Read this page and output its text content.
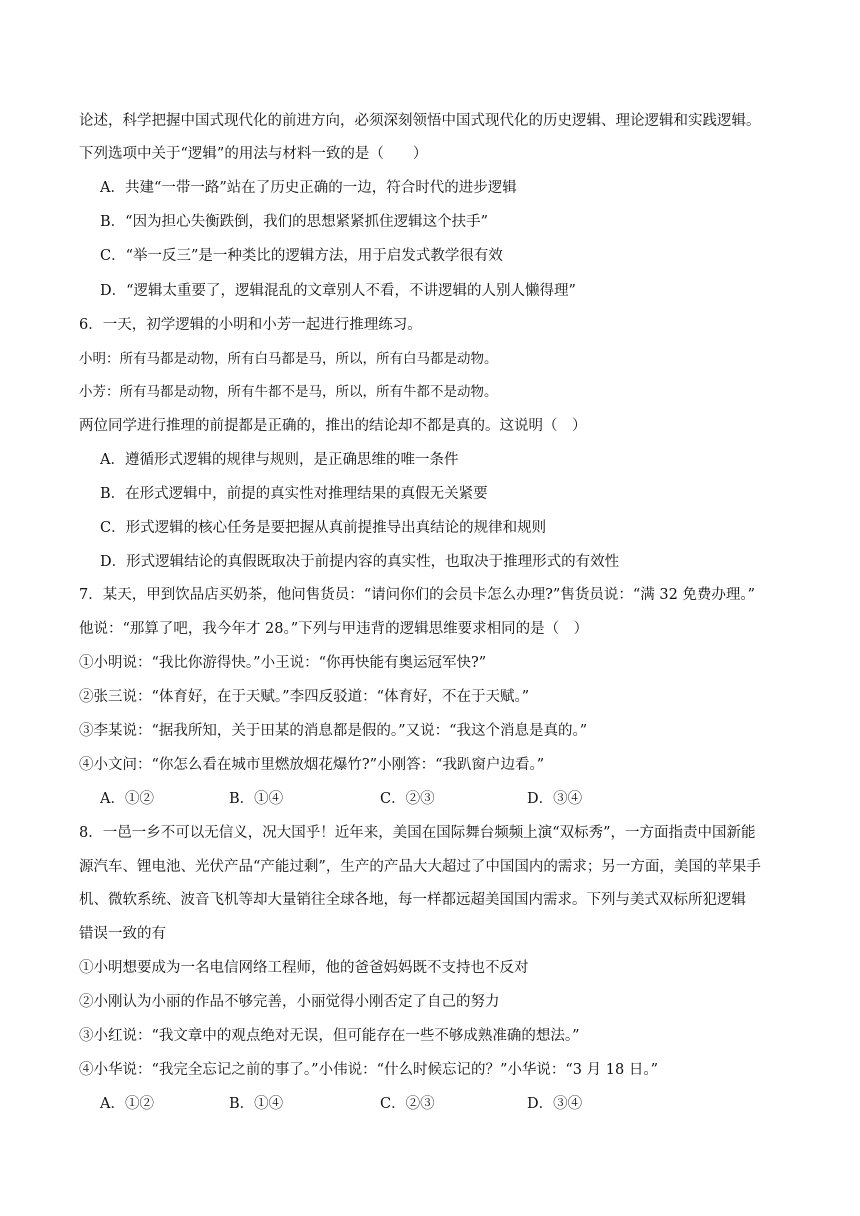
论述，科学把握中国式现代化的前进方向，必须深刻领悟中国式现代化的历史逻辑、理论逻辑和实践逻辑。
下列选项中关于“逻辑”的用法与材料一致的是（　　）
A．共建“一带一路”站在了历史正确的一边，符合时代的进步逻辑
B．“因为担心失衡跌倒，我们的思想紧紧抓住逻辑这个扶手”
C．“举一反三”是一种类比的逻辑方法，用于启发式教学很有效
D．“逻辑太重要了，逻辑混乱的文章别人不看，不讲逻辑的人别人懒得理”
6．一天，初学逻辑的小明和小芳一起进行推理练习。
小明：所有马都是动物，所有白马都是马，所以，所有白马都是动物。
小芳：所有马都是动物，所有牛都不是马，所以，所有牛都不是动物。
两位同学进行推理的前提都是正确的，推出的结论却不都是真的。这说明（　）
A．遵循形式逻辑的规律与规则，是正确思维的唯一条件
B．在形式逻辑中，前提的真实性对推理结果的真假无关紧要
C．形式逻辑的核心任务是要把握从真前提推导出真结论的规律和规则
D．形式逻辑结论的真假既取决于前提内容的真实性，也取决于推理形式的有效性
7．某天，甲到饮品店买奶茶，他问售货员：“请问你们的会员卡怎么办理?”售货员说：“满 32 免费办理。”
他说：“那算了吧，我今年才 28。”下列与甲违背的逻辑思维要求相同的是（　）
①小明说：“我比你游得快。”小王说：“你再快能有奥运冠军快?”
②张三说：“体育好，在于天赋。”李四反驳道：“体育好，不在于天赋。”
③李某说：“据我所知，关于田某的消息都是假的。”又说：“我这个消息是真的。”
④小文问：“你怎么看在城市里燃放烟花爆竹?”小刚答：“我趴窗户边看。”
A．①②	B．①④	C．②③	D．③④
8．一邑一乡不可以无信义，况大国乎！近年来，美国在国际舞台频频上演“双标秀”，一方面指责中国新能
源汽车、锂电池、光伏产品“产能过剩”，生产的产品大大超过了中国国内的需求；另一方面，美国的苹果手
机、微软系统、波音飞机等却大量销往全球各地，每一样都远超美国国内需求。下列与美式双标所犯逻辑
错误一致的有
①小明想要成为一名电信网络工程师，他的爸爸妈妈既不支持也不反对
②小刚认为小丽的作品不够完善，小丽觉得小刚否定了自己的努力
③小红说：“我文章中的观点绝对无误，但可能存在一些不够成熟准确的想法。”
④小华说：“我完全忘记之前的事了。”小伟说：“什么时候忘记的？”小华说：“3 月 18 日。”
A．①②	B．①④	C．②③	D．③④
